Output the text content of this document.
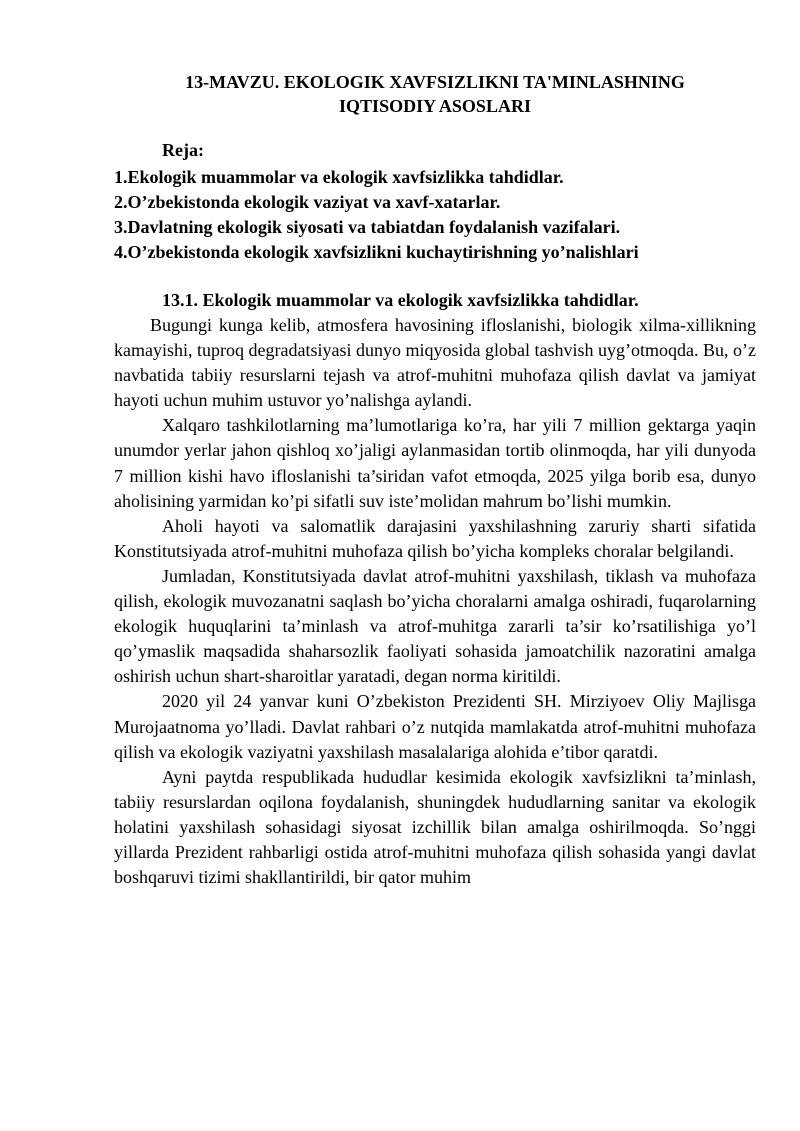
13-MAVZU. EKOLOGIK XAVFSIZLIKNI TA'MINLASHNING
IQTISODIY ASOSLARI
Reja:
1.Ekologik muammolar va ekologik xavfsizlikka tahdidlar.
2.O’zbekistonda ekologik vaziyat va xavf-xatarlar.
3.Davlatning ekologik siyosati va tabiatdan foydalanish vazifalari.
4.O’zbekistonda ekologik xavfsizlikni kuchaytirishning yo’nalishlari
13.1. Ekologik muammolar va ekologik xavfsizlikka tahdidlar.

Bugungi kunga kelib, atmosfera havosining ifloslanishi, biologik xilma-xillikning kamayishi, tuproq degradatsiyasi dunyo miqyosida global tashvish uyg’otmoqda. Bu, o’z navbatida tabiiy resurslarni tejash va atrof-muhitni muhofaza qilish davlat va jamiyat hayoti uchun muhim ustuvor yo’nalishga aylandi.

Xalqaro tashkilotlarning ma’lumotlariga ko’ra, har yili 7 million gektarga yaqin unumdor yerlar jahon qishloq xo’jaligi aylanmasidan tortib olinmoqda, har yili dunyoda 7 million kishi havo ifloslanishi ta’siridan vafot etmoqda, 2025 yilga borib esa, dunyo aholisining yarmidan ko’pi sifatli suv iste’molidan mahrum bo’lishi mumkin.

Aholi hayoti va salomatlik darajasini yaxshilashning zaruriy sharti sifatida Konstitutsiyada atrof-muhitni muhofaza qilish bo’yicha kompleks choralar belgilandi.

Jumladan, Konstitutsiyada davlat atrof-muhitni yaxshilash, tiklash va muhofaza qilish, ekologik muvozanatni saqlash bo’yicha choralarni amalga oshiradi, fuqarolarning ekologik huquqlarini ta’minlash va atrof-muhitga zararli ta’sir ko’rsatilishiga yo’l qo’ymaslik maqsadida shaharsozlik faoliyati sohasida jamoatchilik nazoratini amalga oshirish uchun shart-sharoitlar yaratadi, degan norma kiritildi.

2020 yil 24 yanvar kuni O’zbekiston Prezidenti SH. Mirziyoev Oliy Majlisga Murojaatnoma yo’lladi. Davlat rahbari o’z nutqida mamlakatda atrof-muhitni muhofaza qilish va ekologik vaziyatni yaxshilash masalalariga alohida e’tibor qaratdi.

Ayni paytda respublikada hududlar kesimida ekologik xavfsizlikni ta’minlash, tabiiy resurslardan oqilona foydalanish, shuningdek hududlarning sanitar va ekologik holatini yaxshilash sohasidagi siyosat izchillik bilan amalga oshirilmoqda. So’nggi yillarda Prezident rahbarligi ostida atrof-muhitni muhofaza qilish sohasida yangi davlat boshqaruvi tizimi shakllantirildi, bir qator muhim
